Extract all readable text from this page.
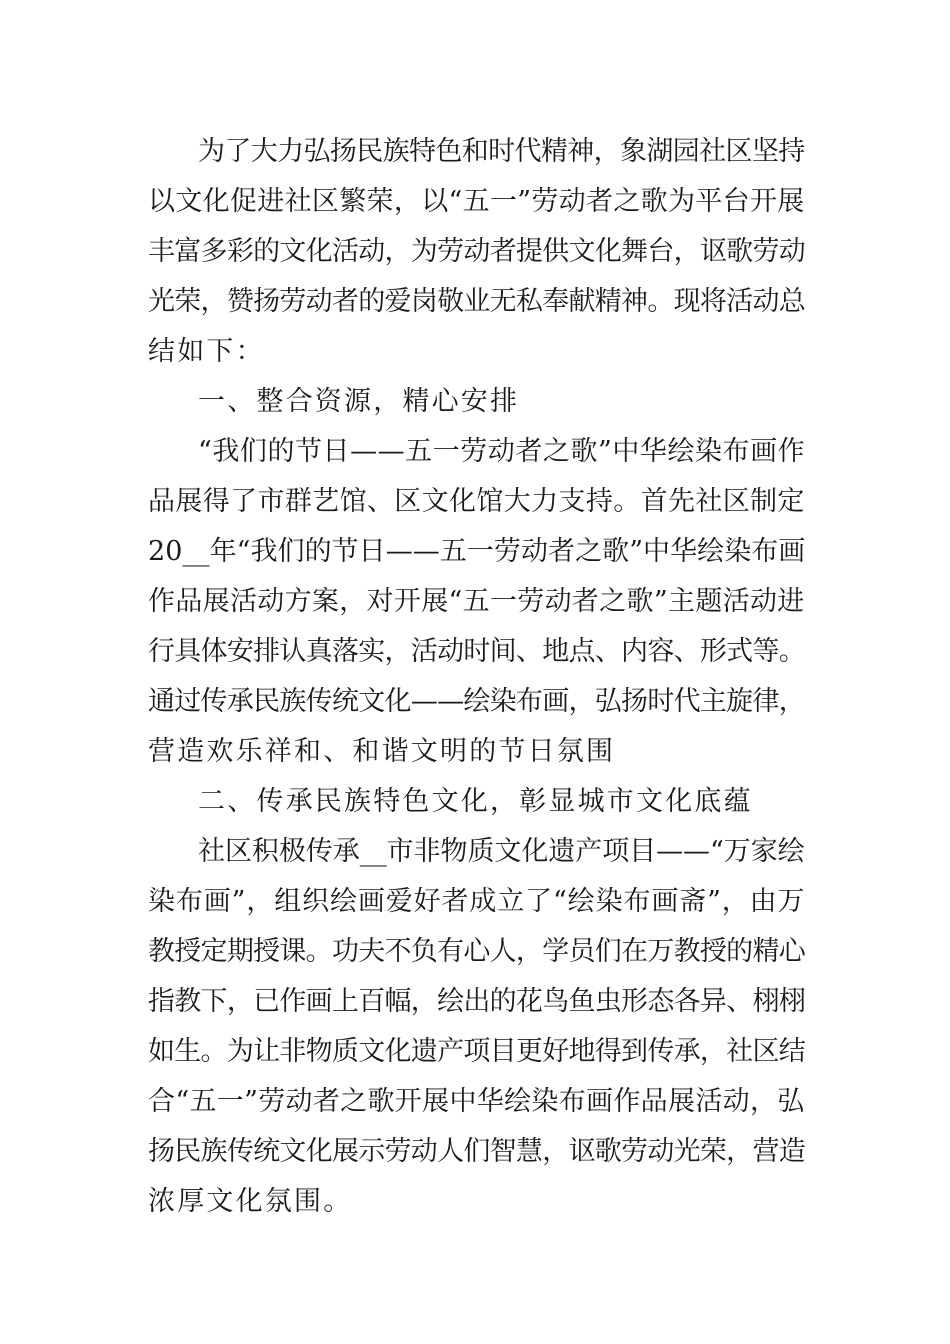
为了大力弘扬民族特色和时代精神，象湖园社区坚持
以文化促进社区繁荣，以“五一”劳动者之歌为平台开展
丰富多彩的文化活动，为劳动者提供文化舞台，讴歌劳动
光荣，赞扬劳动者的爱岗敬业无私奉献精神。现将活动总
结如下：
一、整合资源，精心安排
“我们的节日——五一劳动者之歌”中华绘染布画作
品展得了市群艺馆、区文化馆大力支持。首先社区制定
20__年“我们的节日——五一劳动者之歌”中华绘染布画
作品展活动方案，对开展“五一劳动者之歌”主题活动进
行具体安排认真落实，活动时间、地点、内容、形式等。
通过传承民族传统文化——绘染布画，弘扬时代主旋律，
营造欢乐祥和、和谐文明的节日氛围
二、传承民族特色文化，彰显城市文化底蕴
社区积极传承__市非物质文化遗产项目——“万家绘
染布画”，组织绘画爱好者成立了“绘染布画斋”，由万
教授定期授课。功夫不负有心人，学员们在万教授的精心
指教下，已作画上百幅，绘出的花鸟鱼虫形态各异、栩栩
如生。为让非物质文化遗产项目更好地得到传承，社区结
合“五一”劳动者之歌开展中华绘染布画作品展活动，弘
扬民族传统文化展示劳动人们智慧，讴歌劳动光荣，营造
浓厚文化氛围。
